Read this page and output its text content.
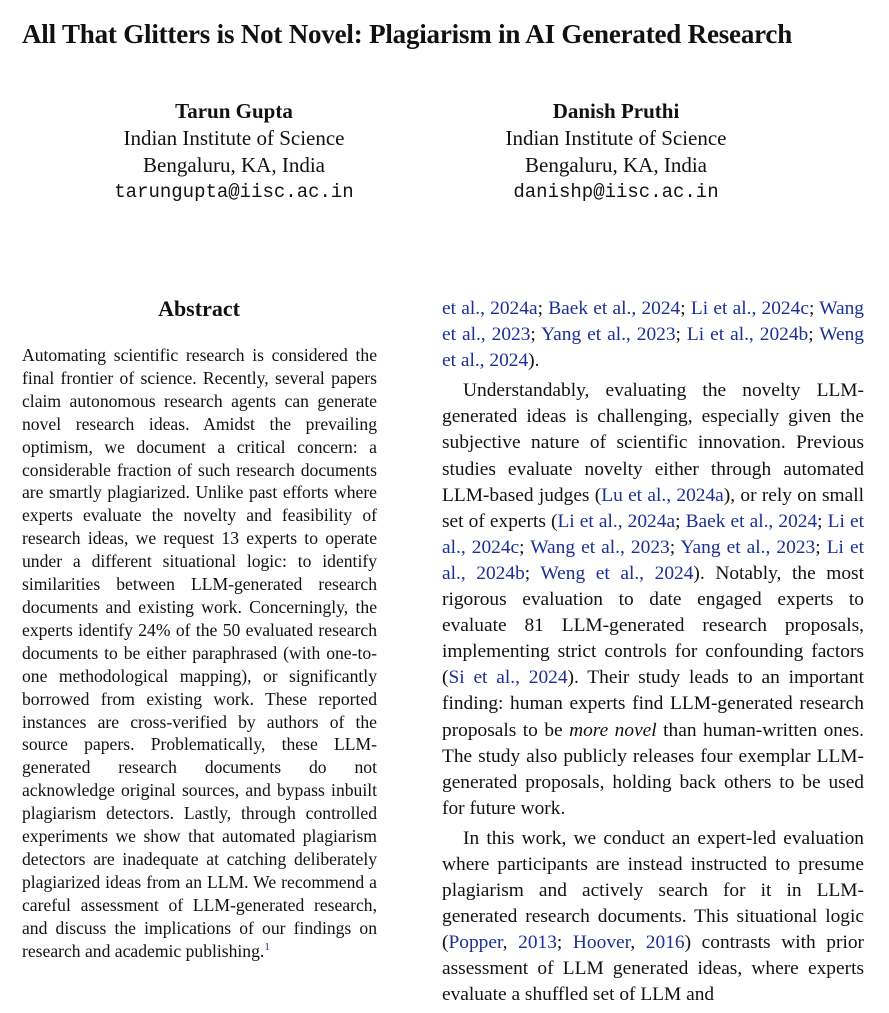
All That Glitters is Not Novel: Plagiarism in AI Generated Research
Tarun Gupta
Indian Institute of Science
Bengaluru, KA, India
tarungupta@iisc.ac.in
Danish Pruthi
Indian Institute of Science
Bengaluru, KA, India
danishp@iisc.ac.in
Abstract
Automating scientific research is considered the final frontier of science. Recently, several papers claim autonomous research agents can generate novel research ideas. Amidst the prevailing optimism, we document a critical concern: a considerable fraction of such research documents are smartly plagiarized. Unlike past efforts where experts evaluate the novelty and feasibility of research ideas, we request 13 experts to operate under a different situational logic: to identify similarities between LLM-generated research documents and existing work. Concerningly, the experts identify 24% of the 50 evaluated research documents to be either paraphrased (with one-to-one methodological mapping), or significantly borrowed from existing work. These reported instances are cross-verified by authors of the source papers. Problematically, these LLM-generated research documents do not acknowledge original sources, and bypass inbuilt plagiarism detectors. Lastly, through controlled experiments we show that automated plagiarism detectors are inadequate at catching deliberately plagiarized ideas from an LLM. We recommend a careful assessment of LLM-generated research, and discuss the implications of our findings on research and academic publishing.$^1$

et al., 2024a; Baek et al., 2024; Li et al., 2024c; Wang et al., 2023; Yang et al., 2023; Li et al., 2024b; Weng et al., 2024).

Understandably, evaluating the novelty LLM-generated ideas is challenging, especially given the subjective nature of scientific innovation. Previous studies evaluate novelty either through automated LLM-based judges (Lu et al., 2024a), or rely on small set of experts (Li et al., 2024a; Baek et al., 2024; Li et al., 2024c; Wang et al., 2023; Yang et al., 2023; Li et al., 2024b; Weng et al., 2024). Notably, the most rigorous evaluation to date engaged experts to evaluate 81 LLM-generated research proposals, implementing strict controls for confounding factors (Si et al., 2024). Their study leads to an important finding: human experts find LLM-generated research proposals to be more novel than human-written ones. The study also publicly releases four exemplar LLM-generated proposals, holding back others to be used for future work.

In this work, we conduct an expert-led evaluation where participants are instead instructed to presume plagiarism and actively search for it in LLM-generated research documents. This situational logic (Popper, 2013; Hoover, 2016) contrasts with prior assessment of LLM generated ideas, where experts evaluate a shuffled set of LLM and
